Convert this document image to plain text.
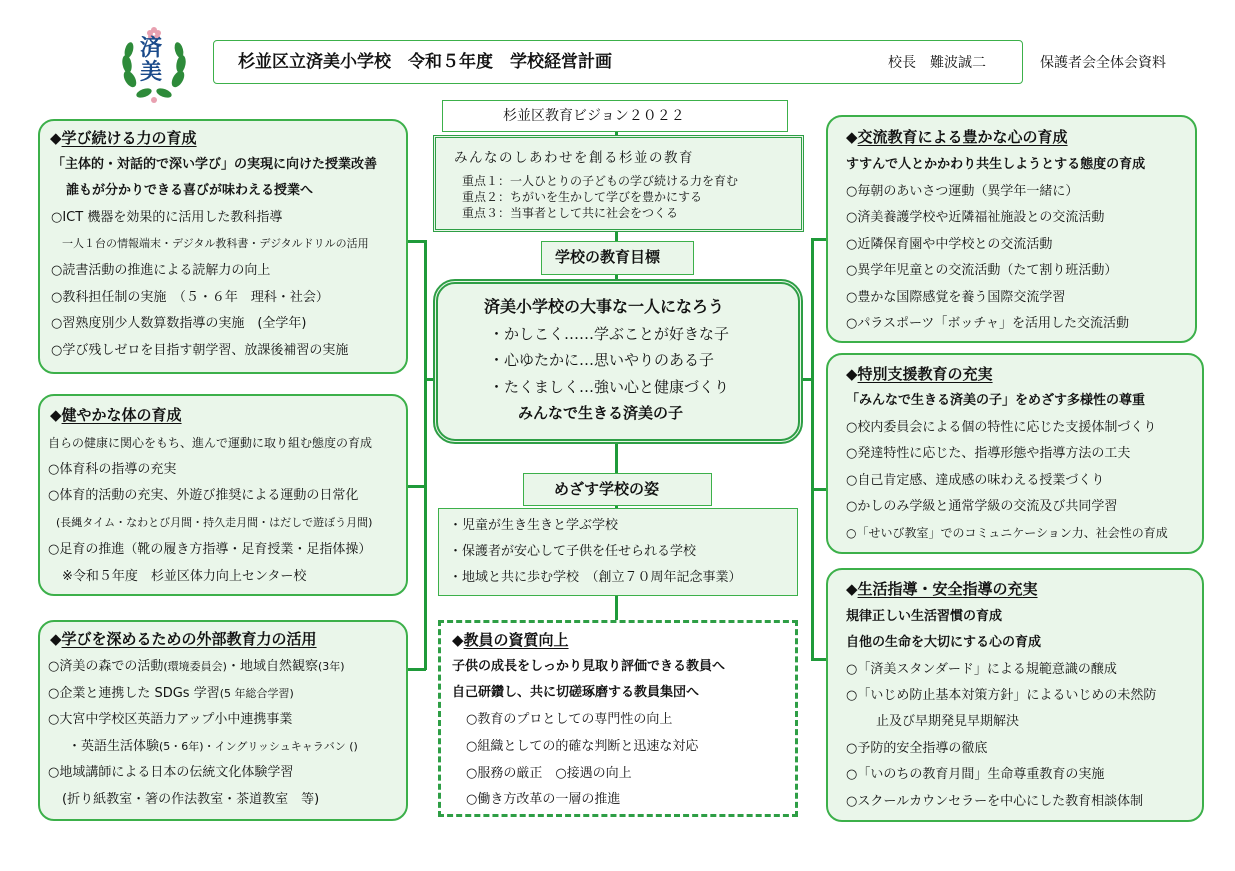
済
美	杉並区立済美小学校　令和５年度　学校経営計画	校長　難波誠二	保護者会全体会資料
杉並区教育ビジョン２０２２
みんなのしあわせを創る杉並の教育
重点１：一人ひとりの子どもの学び続ける力を育む
重点２：ちがいを生かして学びを豊かにする
重点３：当事者として共に社会をつくる
学校の教育目標
済美小学校の大事な一人になろう
・かしこく……学ぶことが好きな子
・心ゆたかに…思いやりのある子
・たくましく…強い心と健康づくり
みんなで生きる済美の子
めざす学校の姿
・児童が生き生きと学ぶ学校
・保護者が安心して子供を任せられる学校
・地域と共に歩む学校　（創立７０周年記念事業）
◆教員の資質向上
子供の成長をしっかり見取り評価できる教員へ
自己研鑽し、共に切磋琢磨する教員集団へ
○教育のプロとしての専門性の向上
○組織としての的確な判断と迅速な対応
○服務の厳正　○接遇の向上
○働き方改革の一層の推進
◆学び続ける力の育成
「主体的・対話的で深い学び」の実現に向けた授業改善
誰もが分かりできる喜びが味わえる授業へ
○ICT 機器を効果的に活用した教科指導
一人１台の情報端末・デジタル教科書・デジタルドリルの活用
○読書活動の推進による読解力の向上
○教科担任制の実施　（５・６年　理科・社会）
○習熟度別少人数算数指導の実施　(全学年)
○学び残しゼロを目指す朝学習、放課後補習の実施
◆健やかな体の育成
自らの健康に関心をもち、進んで運動に取り組む態度の育成
○体育科の指導の充実
○体育的活動の充実、外遊び推奨による運動の日常化
(長縄タイム・なわとび月間・持久走月間・はだしで遊ぼう月間)
○足育の推進（靴の履き方指導・足育授業・足指体操）
※令和５年度　杉並区体力向上センター校
◆学びを深めるための外部教育力の活用
○済美の森での活動(環境委員会)・地域自然観察(3年)
○企業と連携した SDGs 学習(5 年総合学習)
○大宮中学校区英語力アップ小中連携事業
・英語生活体験(5・6年)・イングリッシュキャラバン ()
○地域講師による日本の伝統文化体験学習
(折り紙教室・箸の作法教室・茶道教室　等)
◆交流教育による豊かな心の育成
すすんで人とかかわり共生しようとする態度の育成
○毎朝のあいさつ運動（異学年一緒に）
○済美養護学校や近隣福祉施設との交流活動
○近隣保育園や中学校との交流活動
○異学年児童との交流活動（たて割り班活動）
○豊かな国際感覚を養う国際交流学習
○パラスポーツ「ボッチャ」を活用した交流活動
◆特別支援教育の充実
「みんなで生きる済美の子」をめざす多様性の尊重
○校内委員会による個の特性に応じた支援体制づくり
○発達特性に応じた、指導形態や指導方法の工夫
○自己肯定感、達成感の味わえる授業づくり
○かしのみ学級と通常学級の交流及び共同学習
○「せいび教室」でのコミュニケーション力、社会性の育成
◆生活指導・安全指導の充実
規律正しい生活習慣の育成
自他の生命を大切にする心の育成
○「済美スタンダード」による規範意識の醸成
○「いじめ防止基本対策方針」によるいじめの未然防
止及び早期発見早期解決
○予防的安全指導の徹底
○「いのちの教育月間」生命尊重教育の実施
○スクールカウンセラーを中心にした教育相談体制
